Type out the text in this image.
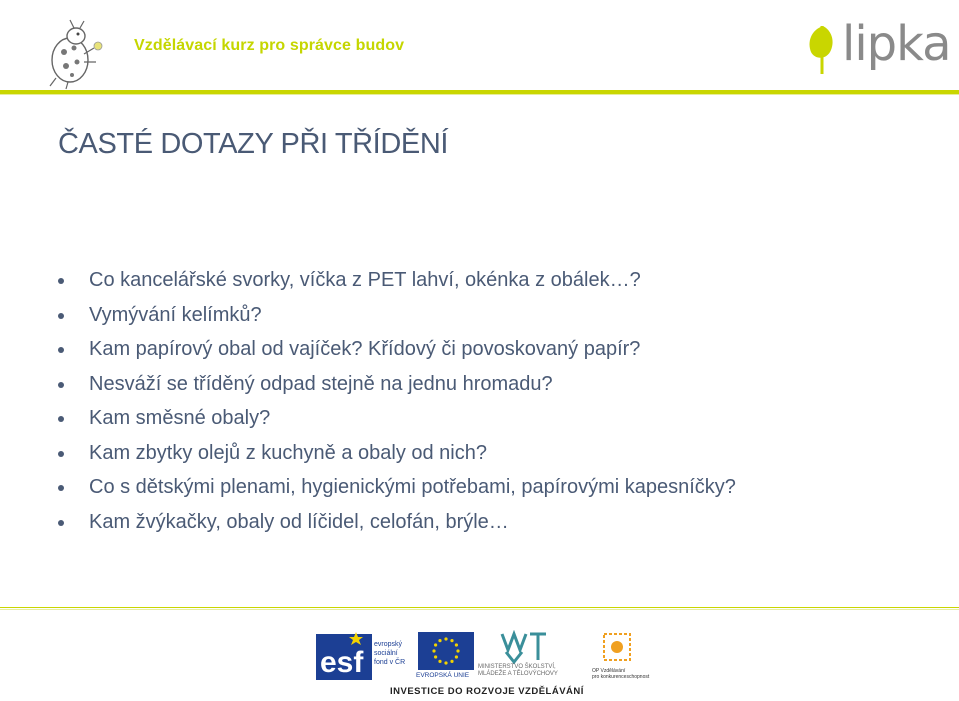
Vzdělávací kurz pro správce budov	lipka
ČASTÉ DOTAZY PŘI TŘÍDĚNÍ
Co kancelářské svorky, víčka z PET lahví, okénka z obálek…?
Vymývání kelímků?
Kam papírový obal od vajíček? Křídový či povoskovaný papír?
Nesváží se tříděný odpad stejně na jednu hromadu?
Kam směsné obaly?
Kam zbytky olejů z kuchyně a obaly od nich?
Co s dětskými plenami, hygienickými potřebami, papírovými kapesníčky?
Kam žvýkačky, obaly od líčidel, celofán, brýle…
esf
evropský
sociální
fond v ČR
EVROPSKÁ UNIE
MINISTERSTVO ŠKOLSTVÍ,
MLÁDEŽE A TĚLOVÝCHOVY	OP Vzdělávání
pro konkurenceschopnost
INVESTICE DO ROZVOJE VZDĚLÁVÁNÍ
